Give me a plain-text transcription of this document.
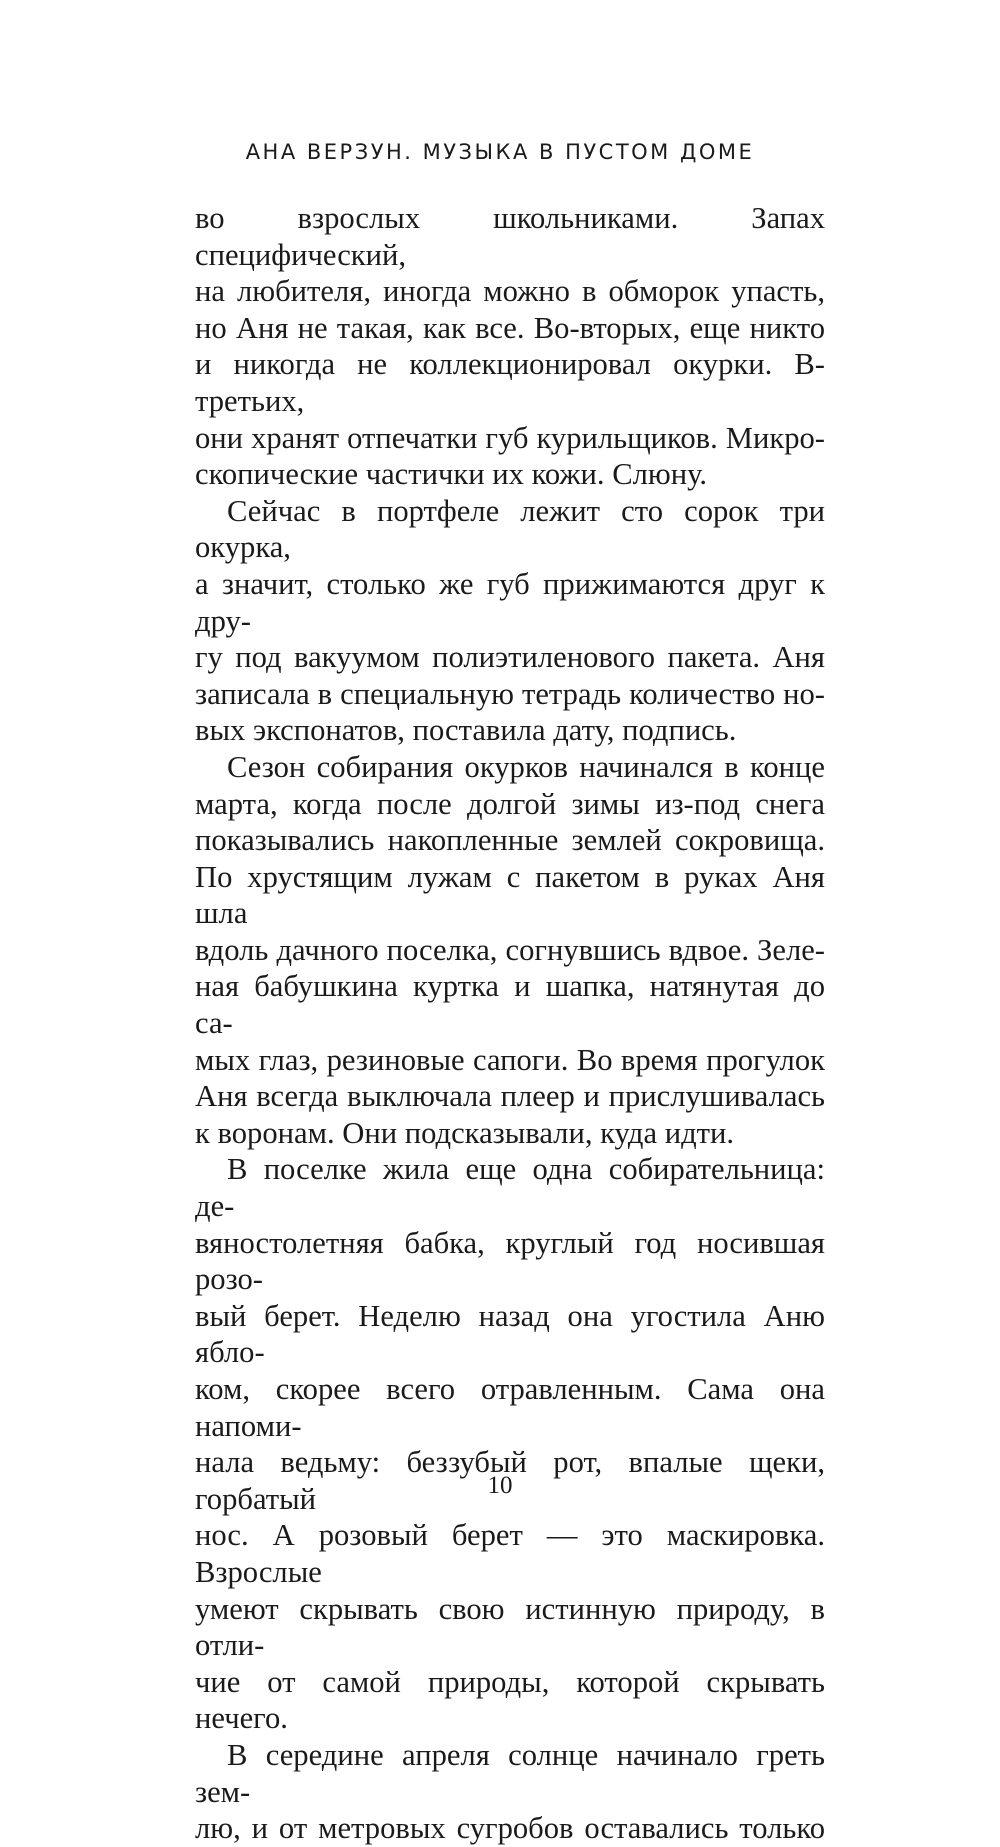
АНА ВЕРЗУН. МУЗЫКА В ПУСТОМ ДОМЕ

во взрослых школьниками. Запах специфический,

на любителя, иногда можно в обморок упасть,

но Аня не такая, как все. Во-вторых, еще никто

и никогда не коллекционировал окурки. В-третьих,

они хранят отпечатки губ курильщиков. Микро-

скопические частички их кожи. Слюну.

Сейчас в портфеле лежит сто сорок три окурка,

а значит, столько же губ прижимаются друг к дру-

гу под вакуумом полиэтиленового пакета. Аня

записала в специальную тетрадь количество но-

вых экспонатов, поставила дату, подпись.

Сезон собирания окурков начинался в конце

марта, когда после долгой зимы из-под снега

показывались накопленные землей сокровища.

По хрустящим лужам с пакетом в руках Аня шла

вдоль дачного поселка, согнувшись вдвое. Зеле-

ная бабушкина куртка и шапка, натянутая до са-

мых глаз, резиновые сапоги. Во время прогулок

Аня всегда выключала плеер и прислушивалась

к воронам. Они подсказывали, куда идти.

В поселке жила еще одна собирательница: де-

вяностолетняя бабка, круглый год носившая розо-

вый берет. Неделю назад она угостила Аню ябло-

ком, скорее всего отравленным. Сама она напоми-

нала ведьму: беззубый рот, впалые щеки, горбатый

нос. А розовый берет — это маскировка. Взрослые

умеют скрывать свою истинную природу, в отли-

чие от самой природы, которой скрывать нечего.

В середине апреля солнце начинало греть зем-

лю, и от метровых сугробов оставались только

10
